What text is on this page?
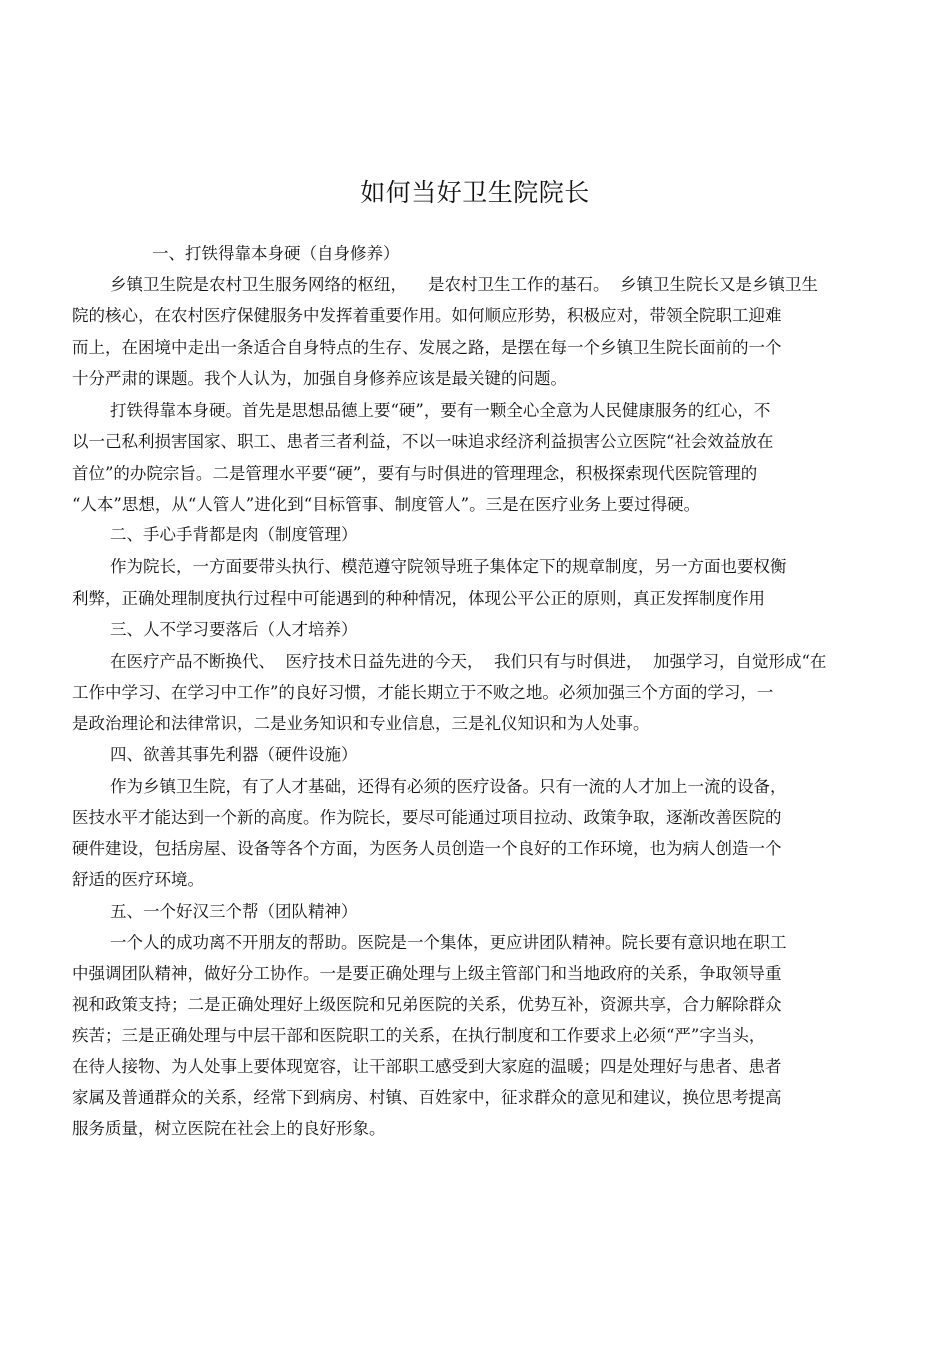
如何当好卫生院院长
一、打铁得靠本身硬（自身修养）
乡镇卫生院是农村卫生服务网络的枢纽，    是农村卫生工作的基石。  乡镇卫生院长又是乡镇卫生
院的核心，在农村医疗保健服务中发挥着重要作用。如何顺应形势，积极应对，带领全院职工迎难
而上，在困境中走出一条适合自身特点的生存、发展之路，是摆在每一个乡镇卫生院长面前的一个
十分严肃的课题。我个人认为，加强自身修养应该是最关键的问题。
打铁得靠本身硬。首先是思想品德上要“硬”，要有一颗全心全意为人民健康服务的红心，不
以一己私利损害国家、职工、患者三者利益，不以一味追求经济利益损害公立医院“社会效益放在
首位”的办院宗旨。二是管理水平要“硬”，要有与时俱进的管理理念，积极探索现代医院管理的
“人本”思想，从“人管人”进化到“目标管事、制度管人”。三是在医疗业务上要过得硬。
二、手心手背都是肉（制度管理）
作为院长，一方面要带头执行、模范遵守院领导班子集体定下的规章制度，另一方面也要权衡
利弊，正确处理制度执行过程中可能遇到的种种情况，体现公平公正的原则，真正发挥制度作用
三、人不学习要落后（人才培养）
在医疗产品不断换代、  医疗技术日益先进的今天，  我们只有与时俱进，  加强学习，自觉形成“在
工作中学习、在学习中工作”的良好习惯，才能长期立于不败之地。必须加强三个方面的学习，一
是政治理论和法律常识，二是业务知识和专业信息，三是礼仪知识和为人处事。
四、欲善其事先利器（硬件设施）
作为乡镇卫生院，有了人才基础，还得有必须的医疗设备。只有一流的人才加上一流的设备，
医技水平才能达到一个新的高度。作为院长，要尽可能通过项目拉动、政策争取，逐渐改善医院的
硬件建设，包括房屋、设备等各个方面，为医务人员创造一个良好的工作环境，也为病人创造一个
舒适的医疗环境。
五、一个好汉三个帮（团队精神）
一个人的成功离不开朋友的帮助。医院是一个集体，更应讲团队精神。院长要有意识地在职工
中强调团队精神，做好分工协作。一是要正确处理与上级主管部门和当地政府的关系，争取领导重
视和政策支持；二是正确处理好上级医院和兄弟医院的关系，优势互补，资源共享，合力解除群众
疾苦；三是正确处理与中层干部和医院职工的关系，在执行制度和工作要求上必须“严”字当头，
在待人接物、为人处事上要体现宽容，让干部职工感受到大家庭的温暖；四是处理好与患者、患者
家属及普通群众的关系，经常下到病房、村镇、百姓家中，征求群众的意见和建议，换位思考提高
服务质量，树立医院在社会上的良好形象。
